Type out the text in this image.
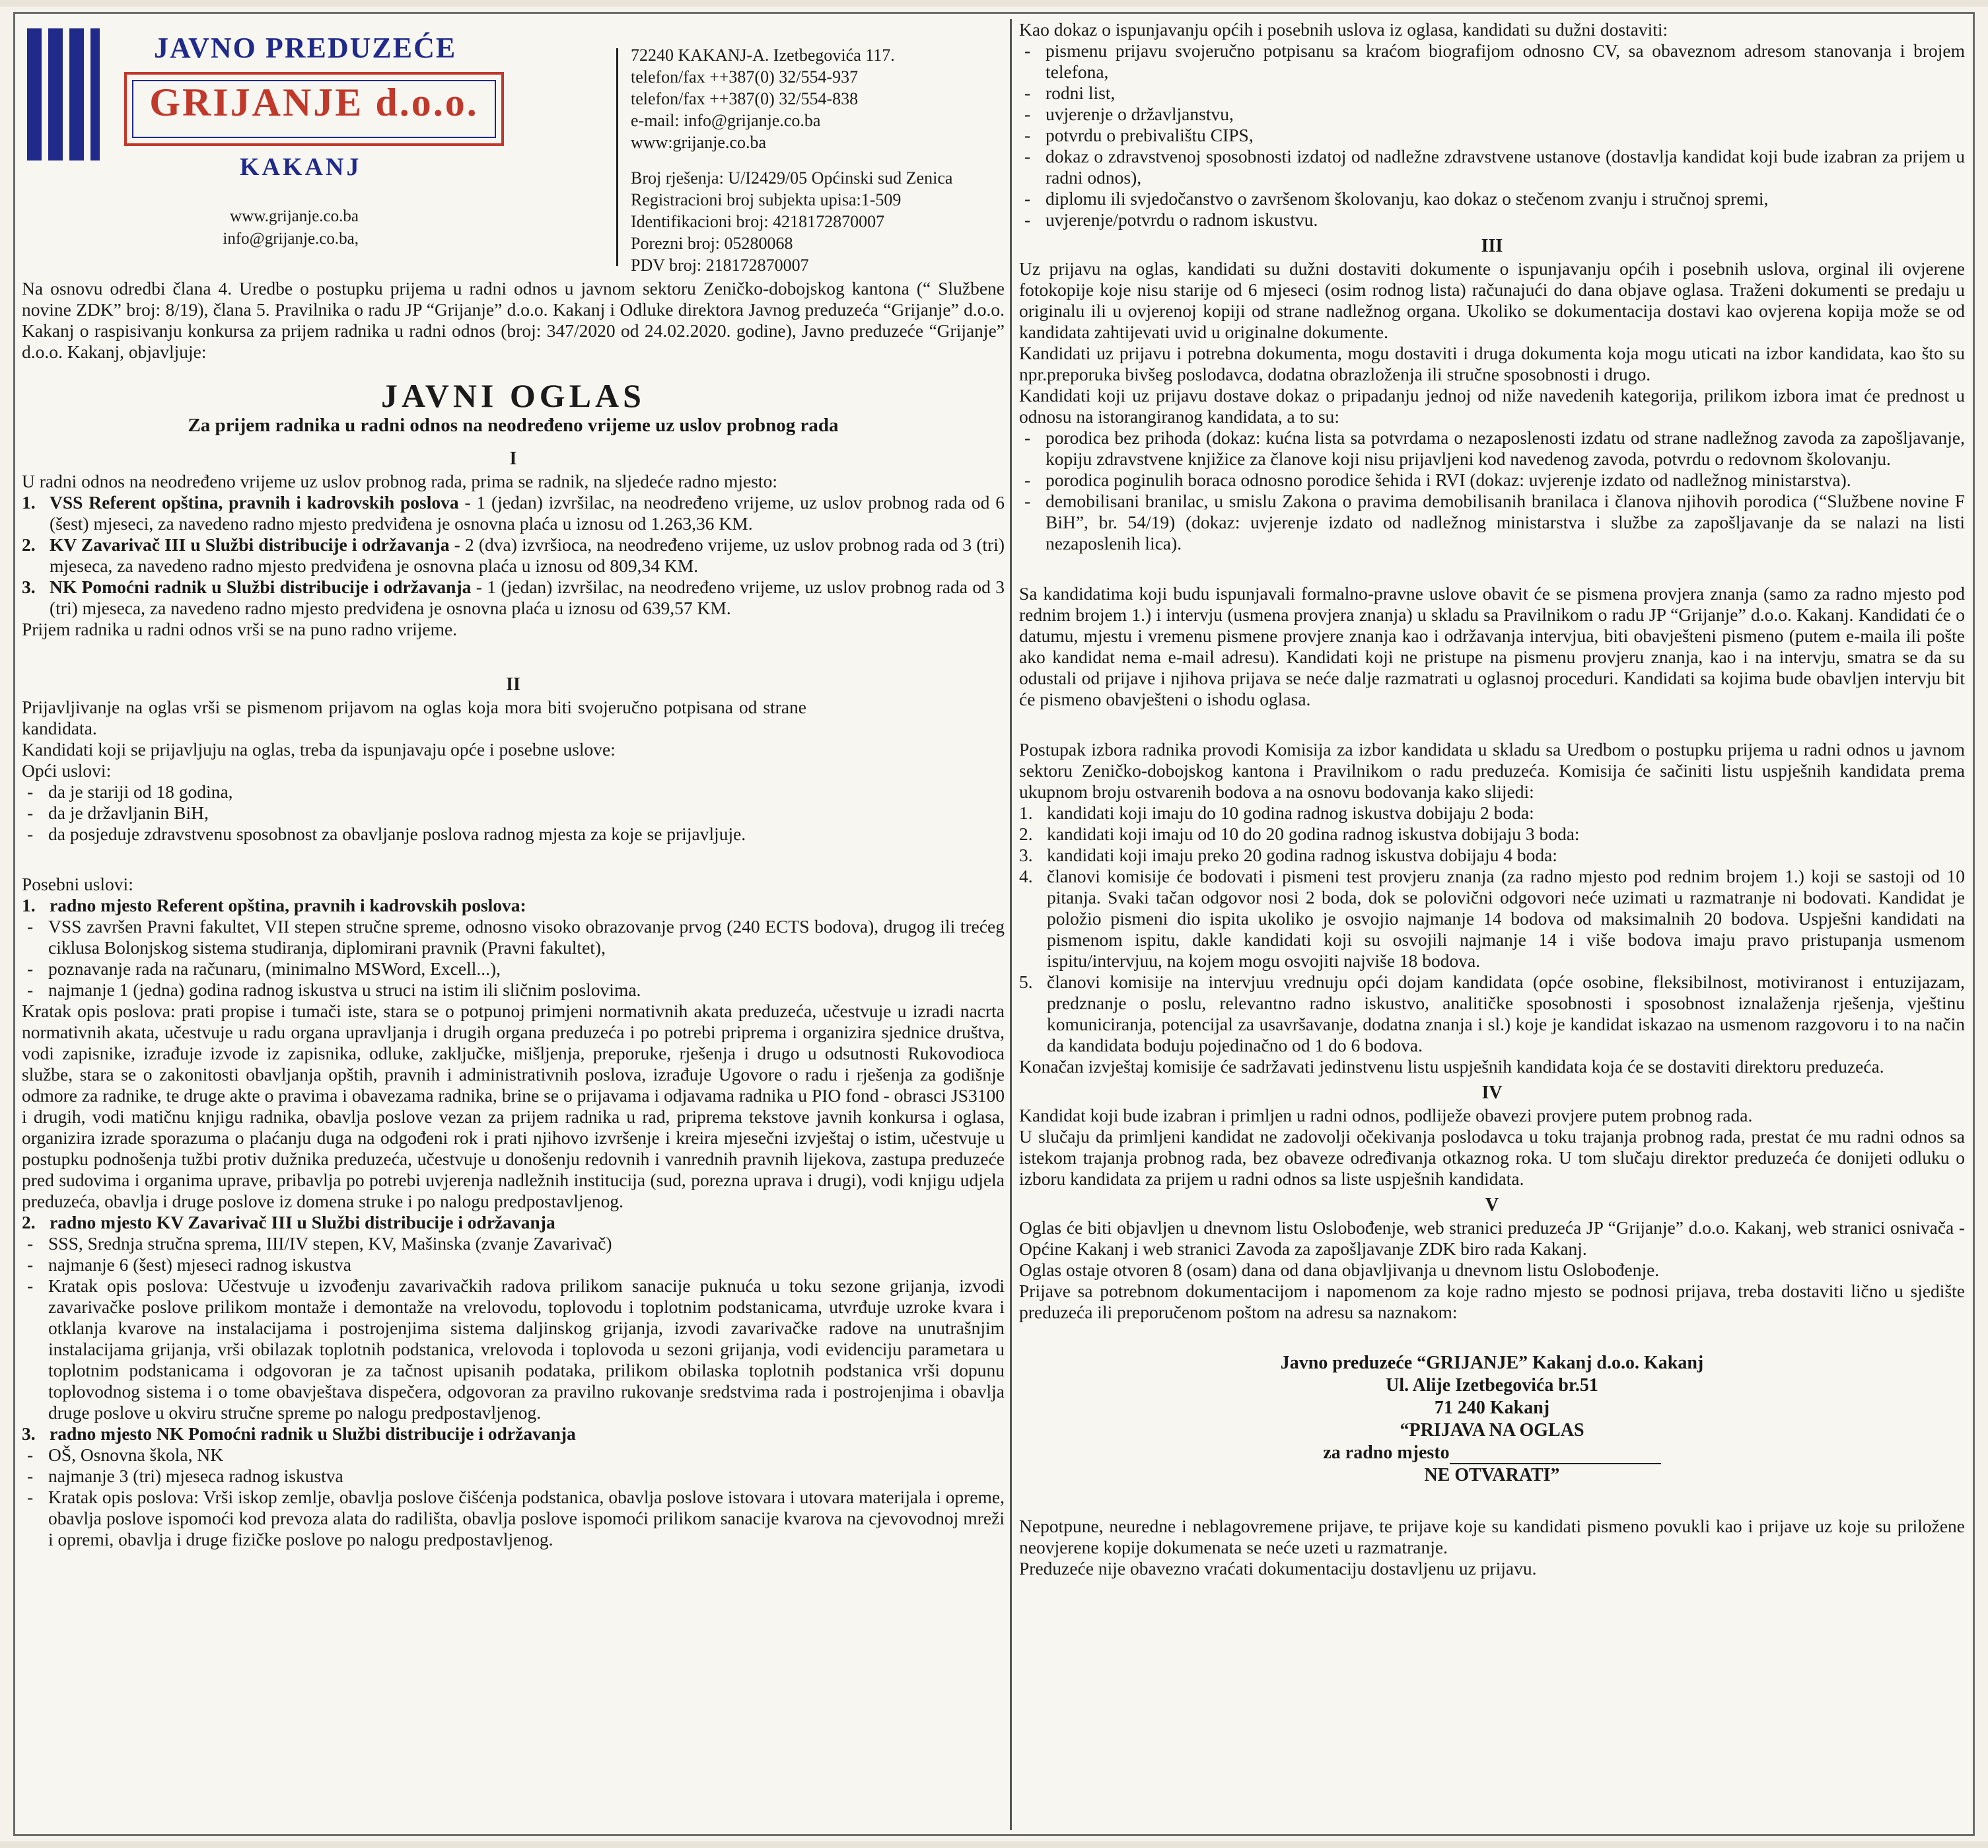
JAVNO PREDUZEĆE
GRIJANJE d.o.o.
KAKANJ
www.grijanje.co.ba
info@grijanje.co.ba,
72240 KAKANJ-A. Izetbegovića 117.
telefon/fax ++387(0) 32/554-937
telefon/fax ++387(0) 32/554-838
e-mail: info@grijanje.co.ba
www:grijanje.co.ba
Broj rješenja: U/I2429/05 Općinski sud Zenica
Registracioni broj subjekta upisa:1-509
Identifikacioni broj: 4218172870007
Porezni broj: 05280068
PDV broj: 218172870007

Na osnovu odredbi člana 4. Uredbe o postupku prijema u radni odnos u javnom sektoru Zeničko-dobojskog kantona (“ Službene novine ZDK” broj: 8/19), člana 5. Pravilnika o radu JP “Grijanje” d.o.o. Kakanj i Odluke direktora Javnog preduzeća “Grijanje” d.o.o. Kakanj o raspisivanju konkursa za prijem radnika u radni odnos (broj: 347/2020 od 24.02.2020. godine), Javno preduzeće “Grijanje” d.o.o. Kakanj, objavljuje:

JAVNI OGLAS
Za prijem radnika u radni odnos na neodređeno vrijeme uz uslov probnog rada
I

U radni odnos na neodređeno vrijeme uz uslov probnog rada, prima se radnik, na sljedeće radno mjesto:

1. VSS Referent opština, pravnih i kadrovskih poslova - 1 (jedan) izvršilac, na neodređeno vrijeme, uz uslov probnog rada od 6 (šest) mjeseci, za navedeno radno mjesto predviđena je osnovna plaća u iznosu od 1.263,36 KM.
2. KV Zavarivač III u Službi distribucije i održavanja - 2 (dva) izvršioca, na neodređeno vrijeme, uz uslov probnog rada od 3 (tri) mjeseca, za navedeno radno mjesto predviđena je osnovna plaća u iznosu od 809,34 KM.
3. NK Pomoćni radnik u Službi distribucije i održavanja - 1 (jedan) izvršilac, na neodređeno vrijeme, uz uslov probnog rada od 3 (tri) mjeseca, za navedeno radno mjesto predviđena je osnovna plaća u iznosu od 639,57 KM.

Prijem radnika u radni odnos vrši se na puno radno vrijeme.

II

Prijavljivanje na oglas vrši se pismenom prijavom na oglas koja mora biti svojeručno potpisana od strane kandidata.

Kandidati koji se prijavljuju na oglas, treba da ispunjavaju opće i posebne uslove:

Opći uslovi:

- da je stariji od 18 godina,
- da je državljanin BiH,
- da posjeduje zdravstvenu sposobnost za obavljanje poslova radnog mjesta za koje se prijavljuje.

Posebni uslovi:

1. radno mjesto Referent opština, pravnih i kadrovskih poslova:
- VSS završen Pravni fakultet, VII stepen stručne spreme, odnosno visoko obrazovanje prvog (240 ECTS bodova), drugog ili trećeg ciklusa Bolonjskog sistema studiranja, diplomirani pravnik (Pravni fakultet),
- poznavanje rada na računaru, (minimalno MSWord, Excell...),
- najmanje 1 (jedna) godina radnog iskustva u struci na istim ili sličnim poslovima.

Kratak opis poslova: prati propise i tumači iste, stara se o potpunoj primjeni normativnih akata preduzeća, učestvuje u izradi nacrta normativnih akata, učestvuje u radu organa upravljanja i drugih organa preduzeća i po potrebi priprema i organizira sjednice društva, vodi zapisnike, izrađuje izvode iz zapisnika, odluke, zaključke, mišljenja, preporuke, rješenja i drugo u odsutnosti Rukovodioca službe, stara se o zakonitosti obavljanja opštih, pravnih i administrativnih poslova, izrađuje Ugovore o radu i rješenja za godišnje odmore za radnike, te druge akte o pravima i obavezama radnika, brine se o prijavama i odjavama radnika u PIO fond - obrasci JS3100 i drugih, vodi matičnu knjigu radnika, obavlja poslove vezan za prijem radnika u rad, priprema tekstove javnih konkursa i oglasa, organizira izrade sporazuma o plaćanju duga na odgođeni rok i prati njihovo izvršenje i kreira mjesečni izvještaj o istim, učestvuje u postupku podnošenja tužbi protiv dužnika preduzeća, učestvuje u donošenju redovnih i vanrednih pravnih lijekova, zastupa preduzeće pred sudovima i organima uprave, pribavlja po potrebi uvjerenja nadležnih institucija (sud, porezna uprava i drugi), vodi knjigu udjela preduzeća, obavlja i druge poslove iz domena struke i po nalogu predpostavljenog.

2. radno mjesto KV Zavarivač III u Službi distribucije i održavanja
- SSS, Srednja stručna sprema, III/IV stepen, KV, Mašinska (zvanje Zavarivač)
- najmanje 6 (šest) mjeseci radnog iskustva
- Kratak opis poslova: Učestvuje u izvođenju zavarivačkih radova prilikom sanacije puknuća u toku sezone grijanja, izvodi zavarivačke poslove prilikom montaže i demontaže na vrelovodu, toplovodu i toplotnim podstanicama, utvrđuje uzroke kvara i otklanja kvarove na instalacijama i postrojenjima sistema daljinskog grijanja, izvodi zavarivačke radove na unutrašnjim instalacijama grijanja, vrši obilazak toplotnih podstanica, vrelovoda i toplovoda u sezoni grijanja, vodi evidenciju parametara u toplotnim podstanicama i odgovoran je za tačnost upisanih podataka, prilikom obilaska toplotnih podstanica vrši dopunu toplovodnog sistema i o tome obavještava dispečera, odgovoran za pravilno rukovanje sredstvima rada i postrojenjima i obavlja druge poslove u okviru stručne spreme po nalogu predpostavljenog.
3. radno mjesto NK Pomoćni radnik u Službi distribucije i održavanja
- OŠ, Osnovna škola, NK
- najmanje 3 (tri) mjeseca radnog iskustva
- Kratak opis poslova: Vrši iskop zemlje, obavlja poslove čišćenja podstanica, obavlja poslove istovara i utovara materijala i opreme, obavlja poslove ispomoći kod prevoza alata do radilišta, obavlja poslove ispomoći prilikom sanacije kvarova na cjevovodnoj mreži i opremi, obavlja i druge fizičke poslove po nalogu predpostavljenog.

Kao dokaz o ispunjavanju općih i posebnih uslova iz oglasa, kandidati su dužni dostaviti:

- pismenu prijavu svojeručno potpisanu sa kraćom biografijom odnosno CV, sa obaveznom adresom stanovanja i brojem telefona,
- rodni list,
- uvjerenje o državljanstvu,
- potvrdu o prebivalištu CIPS,
- dokaz o zdravstvenoj sposobnosti izdatoj od nadležne zdravstvene ustanove (dostavlja kandidat koji bude izabran za prijem u radni odnos),
- diplomu ili svjedočanstvo o završenom školovanju, kao dokaz o stečenom zvanju i stručnoj spremi,
- uvjerenje/potvrdu o radnom iskustvu.
III

Uz prijavu na oglas, kandidati su dužni dostaviti dokumente o ispunjavanju općih i posebnih uslova, orginal ili ovjerene fotokopije koje nisu starije od 6 mjeseci (osim rodnog lista) računajući do dana objave oglasa. Traženi dokumenti se predaju u originalu ili u ovjerenoj kopiji od strane nadležnog organa. Ukoliko se dokumentacija dostavi kao ovjerena kopija može se od kandidata zahtijevati uvid u originalne dokumente.

Kandidati uz prijavu i potrebna dokumenta, mogu dostaviti i druga dokumenta koja mogu uticati na izbor kandidata, kao što su npr.preporuka bivšeg poslodavca, dodatna obrazloženja ili stručne sposobnosti i drugo.

Kandidati koji uz prijavu dostave dokaz o pripadanju jednoj od niže navedenih kategorija, prilikom izbora imat će prednost u odnosu na istorangiranog kandidata, a to su:

- porodica bez prihoda (dokaz: kućna lista sa potvrdama o nezaposlenosti izdatu od strane nadležnog zavoda za zapošljavanje, kopiju zdravstvene knjižice za članove koji nisu prijavljeni kod navedenog zavoda, potvrdu o redovnom školovanju.
- porodica poginulih boraca odnosno porodice šehida i RVI (dokaz: uvjerenje izdato od nadležnog ministarstva).
- demobilisani branilac, u smislu Zakona o pravima demobilisanih branilaca i članova njihovih porodica (“Službene novine F BiH”, br. 54/19) (dokaz: uvjerenje izdato od nadležnog ministarstva i službe za zapošljavanje da se nalazi na listi nezaposlenih lica).

Sa kandidatima koji budu ispunjavali formalno-pravne uslove obavit će se pismena provjera znanja (samo za radno mjesto pod rednim brojem 1.) i intervju (usmena provjera znanja) u skladu sa Pravilnikom o radu JP “Grijanje” d.o.o. Kakanj. Kandidati će o datumu, mjestu i vremenu pismene provjere znanja kao i održavanja intervjua, biti obavješteni pismeno (putem e-maila ili pošte ako kandidat nema e-mail adresu). Kandidati koji ne pristupe na pismenu provjeru znanja, kao i na intervju, smatra se da su odustali od prijave i njihova prijava se neće dalje razmatrati u oglasnoj proceduri. Kandidati sa kojima bude obavljen intervju bit će pismeno obavješteni o ishodu oglasa.

Postupak izbora radnika provodi Komisija za izbor kandidata u skladu sa Uredbom o postupku prijema u radni odnos u javnom sektoru Zeničko-dobojskog kantona i Pravilnikom o radu preduzeća. Komisija će sačiniti listu uspješnih kandidata prema ukupnom broju ostvarenih bodova a na osnovu bodovanja kako slijedi:

1. kandidati koji imaju do 10 godina radnog iskustva dobijaju 2 boda:
2. kandidati koji imaju od 10 do 20 godina radnog iskustva dobijaju 3 boda:
3. kandidati koji imaju preko 20 godina radnog iskustva dobijaju 4 boda:
4. članovi komisije će bodovati i pismeni test provjeru znanja (za radno mjesto pod rednim brojem 1.) koji se sastoji od 10 pitanja. Svaki tačan odgovor nosi 2 boda, dok se polovični odgovori neće uzimati u razmatranje ni bodovati. Kandidat je položio pismeni dio ispita ukoliko je osvojio najmanje 14 bodova od maksimalnih 20 bodova. Uspješni kandidati na pismenom ispitu, dakle kandidati koji su osvojili najmanje 14 i više bodova imaju pravo pristupanja usmenom ispitu/intervjuu, na kojem mogu osvojiti najviše 18 bodova.
5. članovi komisije na intervjuu vrednuju opći dojam kandidata (opće osobine, fleksibilnost, motiviranost i entuzijazam, predznanje o poslu, relevantno radno iskustvo, analitičke sposobnosti i sposobnost iznalaženja rješenja, vještinu komuniciranja, potencijal za usavršavanje, dodatna znanja i sl.) koje je kandidat iskazao na usmenom razgovoru i to na način da kandidata boduju pojedinačno od 1 do 6 bodova.

Konačan izvještaj komisije će sadržavati jedinstvenu listu uspješnih kandidata koja će se dostaviti direktoru preduzeća.

IV

Kandidat koji bude izabran i primljen u radni odnos, podliježe obavezi provjere putem probnog rada.

U slučaju da primljeni kandidat ne zadovolji očekivanja poslodavca u toku trajanja probnog rada, prestat će mu radni odnos sa istekom trajanja probnog rada, bez obaveze određivanja otkaznog roka. U tom slučaju direktor preduzeća će donijeti odluku o izboru kandidata za prijem u radni odnos sa liste uspješnih kandidata.

V

Oglas će biti objavljen u dnevnom listu Oslobođenje, web stranici preduzeća JP “Grijanje” d.o.o. Kakanj, web stranici osnivača - Općine Kakanj i web stranici Zavoda za zapošljavanje ZDK biro rada Kakanj.

Oglas ostaje otvoren 8 (osam) dana od dana objavljivanja u dnevnom listu Oslobođenje.

Prijave sa potrebnom dokumentacijom i napomenom za koje radno mjesto se podnosi prijava, treba dostaviti lično u sjedište preduzeća ili preporučenom poštom na adresu sa naznakom:

Javno preduzeće “GRIJANJE” Kakanj d.o.o. Kakanj
Ul. Alije Izetbegovića br.51
71 240 Kakanj
“PRIJAVA NA OGLAS
za radno mjesto
NE OTVARATI”

Nepotpune, neuredne i neblagovremene prijave, te prijave koje su kandidati pismeno povukli kao i prijave uz koje su priložene neovjerene kopije dokumenata se neće uzeti u razmatranje.

Preduzeće nije obavezno vraćati dokumentaciju dostavljenu uz prijavu.
